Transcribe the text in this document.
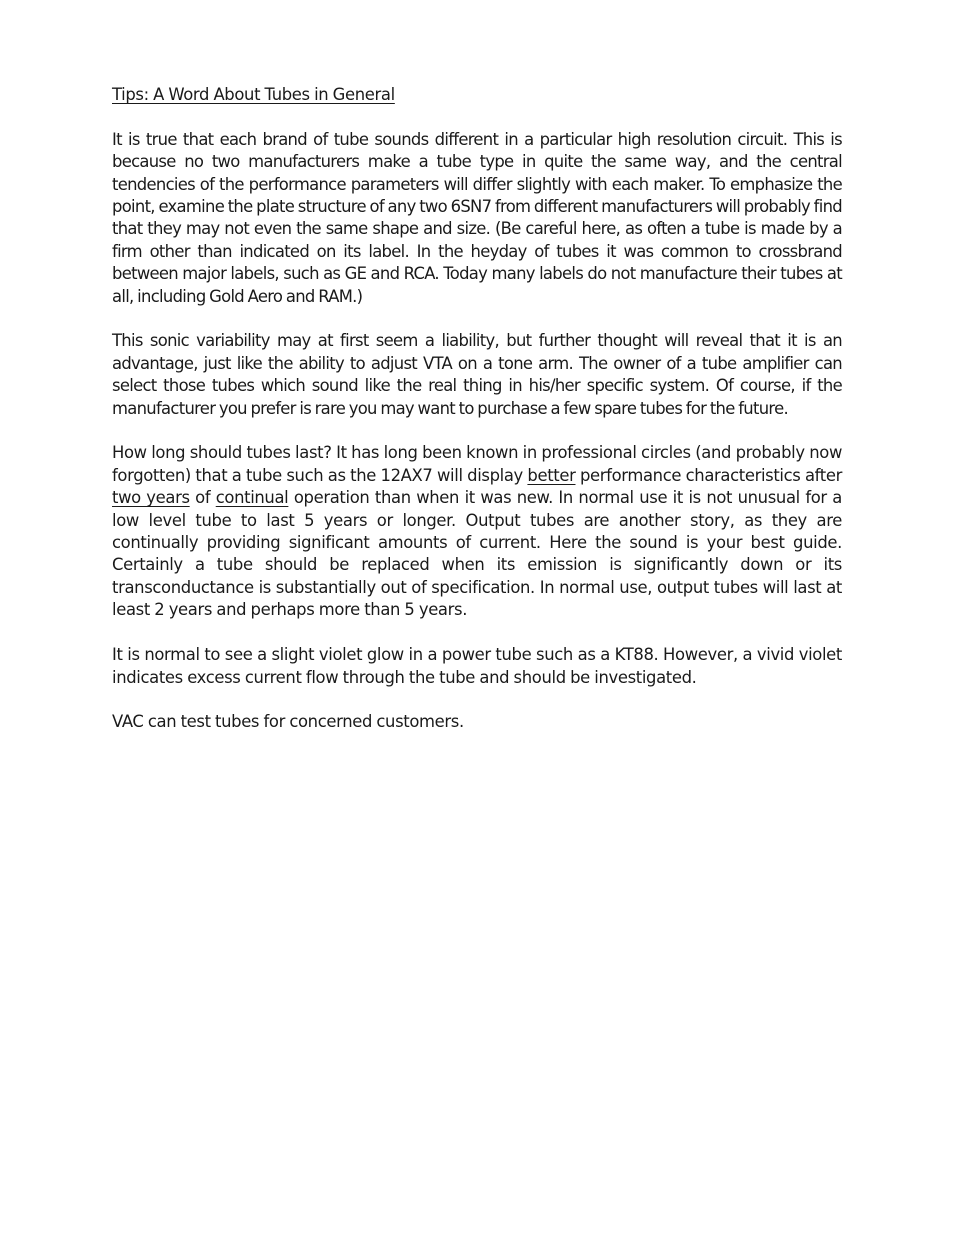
Tips: A Word About Tubes in General

It is true that each brand of tube sounds different in a particular high resolution circuit. This is because no two manufacturers make a tube type in quite the same way, and the central tendencies of the performance parameters will differ slightly with each maker. To emphasize the point, examine the plate structure of any two 6SN7 from different manufacturers will probably find that they may not even the same shape and size. (Be careful here, as often a tube is made by a firm other than indicated on its label. In the heyday of tubes it was common to crossbrand between major labels, such as GE and RCA. Today many labels do not manufacture their tubes at all, including Gold Aero and RAM.)

This sonic variability may at first seem a liability, but further thought will reveal that it is an advantage, just like the ability to adjust VTA on a tone arm. The owner of a tube amplifier can select those tubes which sound like the real thing in his/her specific system. Of course, if the manufacturer you prefer is rare you may want to purchase a few spare tubes for the future.

How long should tubes last? It has long been known in professional circles (and probably now forgotten) that a tube such as the 12AX7 will display better performance characteristics after two years of continual operation than when it was new. In normal use it is not unusual for a low level tube to last 5 years or longer. Output tubes are another story, as they are continually providing significant amounts of current. Here the sound is your best guide. Certainly a tube should be replaced when its emission is significantly down or its transconductance is substantially out of specification. In normal use, output tubes will last at least 2 years and perhaps more than 5 years.

It is normal to see a slight violet glow in a power tube such as a KT88. However, a vivid violet indicates excess current flow through the tube and should be investigated.

VAC can test tubes for concerned customers.
